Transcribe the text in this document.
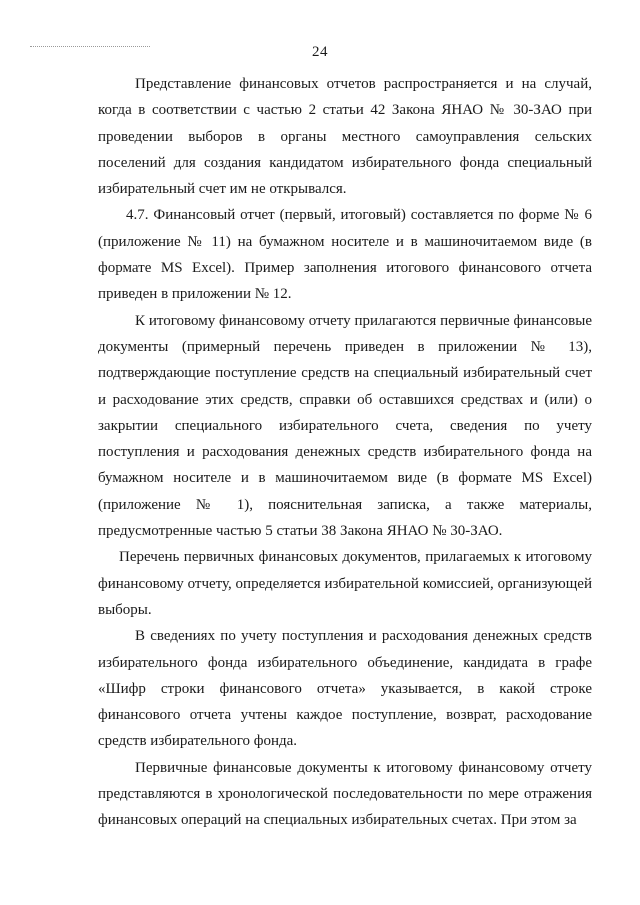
24

Представление финансовых отчетов распространяется и на случай, когда в соответствии с частью 2 статьи 42 Закона ЯНАО № 30-ЗАО при проведении выборов в органы местного самоуправления сельских поселений для создания кандидатом избирательного фонда специальный избирательный счет им не открывался.

4.7. Финансовый отчет (первый, итоговый) составляется по форме № 6 (приложение № 11) на бумажном носителе и в машиночитаемом виде (в формате MS Excel). Пример заполнения итогового финансового отчета приведен в приложении № 12.

К итоговому финансовому отчету прилагаются первичные финансовые документы (примерный перечень приведен в приложении № 13), подтверждающие поступление средств на специальный избирательный счет и расходование этих средств, справки об оставшихся средствах и (или) о закрытии специального избирательного счета, сведения по учету поступления и расходования денежных средств избирательного фонда на бумажном носителе и в машиночитаемом виде (в формате MS Excel) (приложение № 1), пояснительная записка, а также материалы, предусмотренные частью 5 статьи 38 Закона ЯНАО № 30-ЗАО.

Перечень первичных финансовых документов, прилагаемых к итоговому финансовому отчету, определяется избирательной комиссией, организующей выборы.

В сведениях по учету поступления и расходования денежных средств избирательного фонда избирательного объединение, кандидата в графе «Шифр строки финансового отчета» указывается, в какой строке финансового отчета учтены каждое поступление, возврат, расходование средств избирательного фонда.

Первичные финансовые документы к итоговому финансовому отчету представляются в хронологической последовательности по мере отражения финансовых операций на специальных избирательных счетах. При этом за
